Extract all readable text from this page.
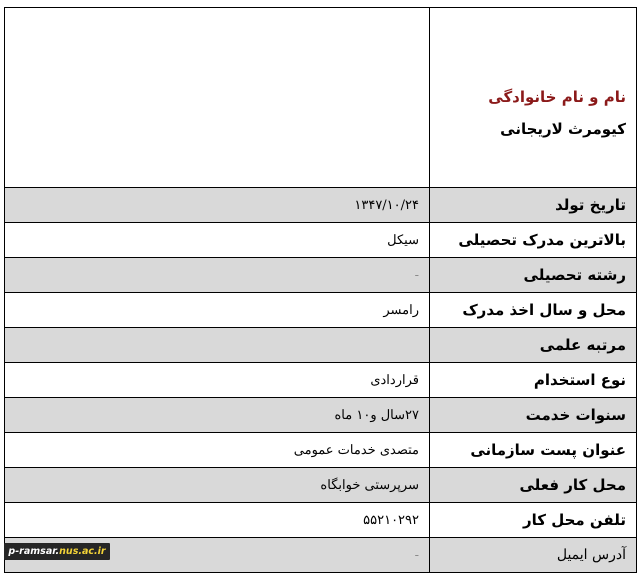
نام و نام خانوادگی
کیومرث لاریجانی	

تاریخ تولد	۱۳۴۷/۱۰/۲۴
بالاترین مدرک تحصیلی	سیکل
رشته تحصیلی	-
محل و سال اخذ مدرک	رامسر
مرتبه علمی	
نوع استخدام	قراردادی
سنوات خدمت	۲۷سال و۱۰ ماه
عنوان پست سازمانی	متصدی خدمات عمومی
محل کار فعلی	سرپرستی خوابگاه
تلفن محل کار	۵۵۲۱۰۲۹۲
آدرس ایمیل	-
p-ramsar.nus.ac.ir
